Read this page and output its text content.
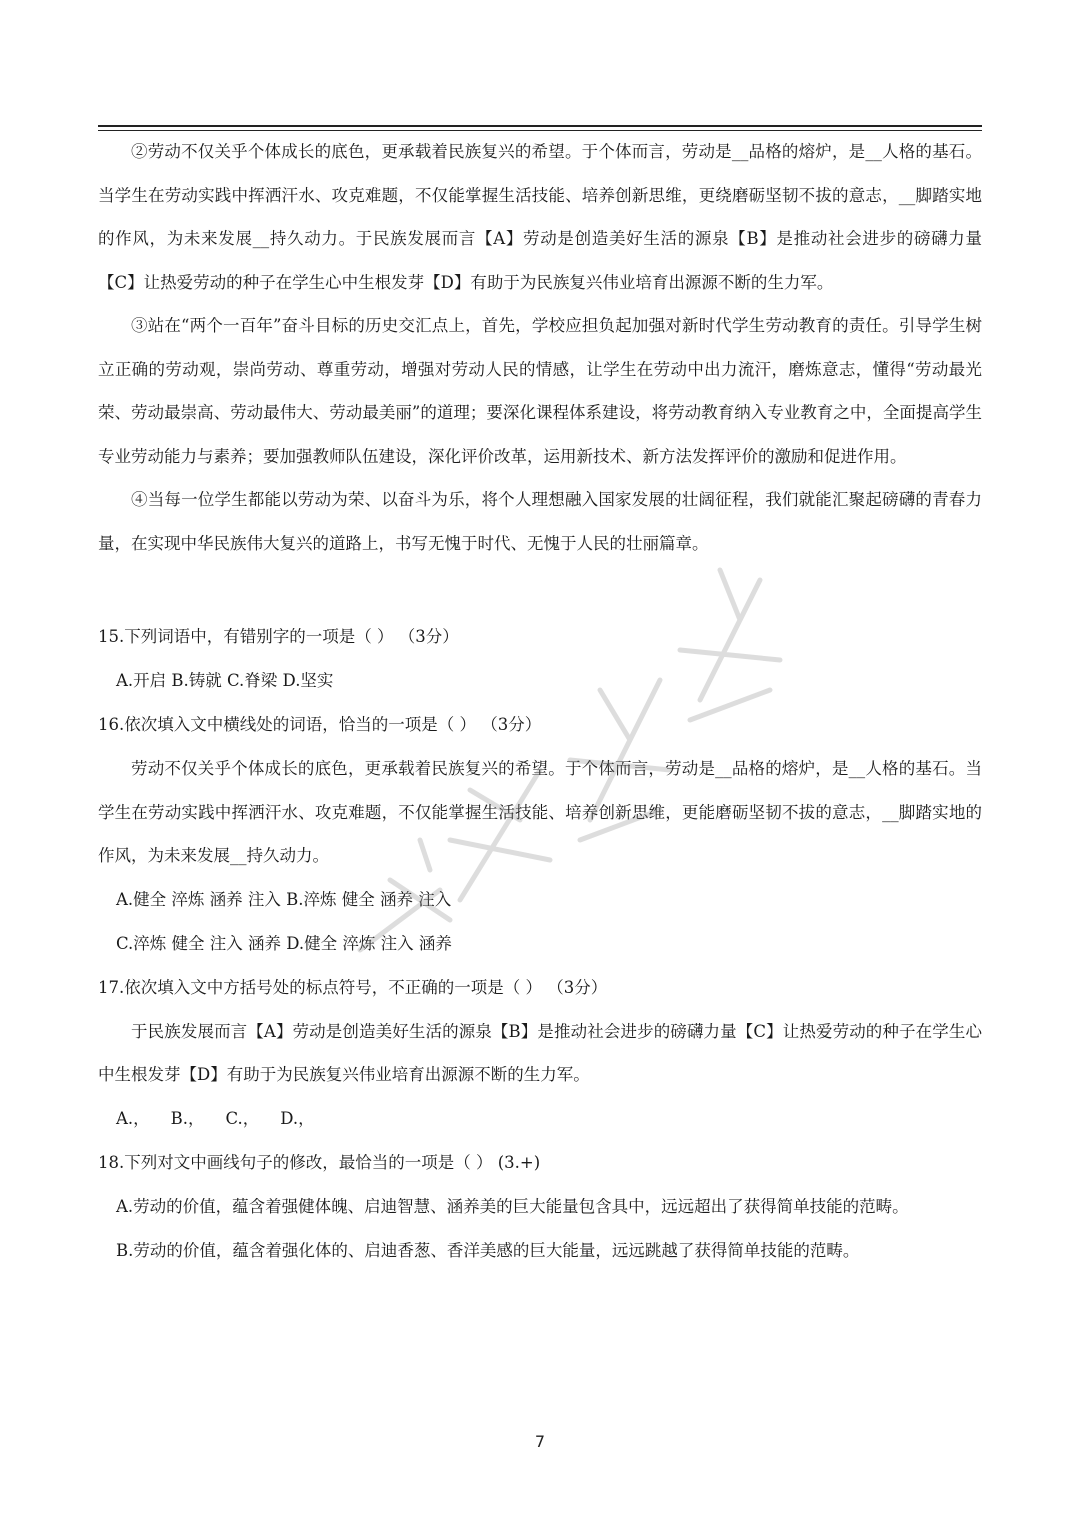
②劳动不仅关乎个体成长的底色，更承载着民族复兴的希望。于个体而言，劳动是__品格的熔炉，是__人格的基石。当学生在劳动实践中挥洒汗水、攻克难题，不仅能掌握生活技能、培养创新思维，更绕磨砺坚韧不拔的意志，__脚踏实地的作风，为未来发展__持久动力。于民族发展而言【A】劳动是创造美好生活的源泉【B】是推动社会进步的磅礴力量【C】让热爱劳动的种子在学生心中生根发芽【D】有助于为民族复兴伟业培育出源源不断的生力军。

③站在“两个一百年”奋斗目标的历史交汇点上，首先，学校应担负起加强对新时代学生劳动教育的责任。引导学生树立正确的劳动观，崇尚劳动、尊重劳动，增强对劳动人民的情感，让学生在劳动中出力流汗，磨炼意志，懂得“劳动最光荣、劳动最崇高、劳动最伟大、劳动最美丽”的道理；要深化课程体系建设，将劳动教育纳入专业教育之中，全面提高学生专业劳动能力与素养；要加强教师队伍建设，深化评价改革，运用新技术、新方法发挥评价的激励和促进作用。

④当每一位学生都能以劳动为荣、以奋斗为乐，将个人理想融入国家发展的壮阔征程，我们就能汇聚起磅礴的青春力量，在实现中华民族伟大复兴的道路上，书写无愧于时代、无愧于人民的壮丽篇章。

15.下列词语中，有错别字的一项是（ ） （3分）

A.开启 B.铸就 C.脊梁 D.坚实

16.依次填入文中横线处的词语，恰当的一项是（ ） （3分）

劳动不仅关乎个体成长的底色，更承载着民族复兴的希望。于个体而言，劳动是__品格的熔炉，是__人格的基石。当学生在劳动实践中挥洒汗水、攻克难题，不仅能掌握生活技能、培养创新思维，更能磨砺坚韧不拔的意志，__脚踏实地的作风，为未来发展__持久动力。

A.健全 淬炼 涵养 注入 B.淬炼 健全 涵养 注入

C.淬炼 健全 注入 涵养 D.健全 淬炼 注入 涵养

17.依次填入文中方括号处的标点符号，不正确的一项是（ ） （3分）

于民族发展而言【A】劳动是创造美好生活的源泉【B】是推动社会进步的磅礴力量【C】让热爱劳动的种子在学生心中生根发芽【D】有助于为民族复兴伟业培育出源源不断的生力军。

A.，    B.，    C.，    D.，

18.下列对文中画线句子的修改，最恰当的一项是（ ） (3.+)

A.劳动的价值，蕴含着强健体魄、启迪智慧、涵养美的巨大能量包含具中，远远超出了获得简单技能的范畴。

B.劳动的价值，蕴含着强化体的、启迪香葱、香洋美感的巨大能量，远远跳越了获得简单技能的范畴。

7
